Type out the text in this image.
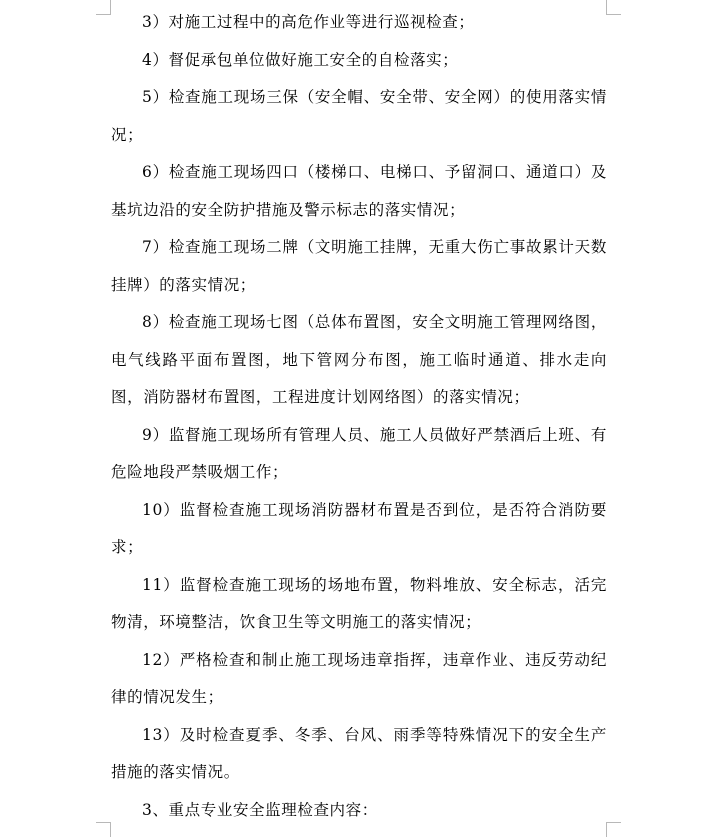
3）对施工过程中的高危作业等进行巡视检查；

4）督促承包单位做好施工安全的自检落实；

5）检查施工现场三保（安全帽、安全带、安全网）的使用落实情况；

6）检查施工现场四口（楼梯口、电梯口、予留洞口、通道口）及基坑边沿的安全防护措施及警示标志的落实情况；

7）检查施工现场二牌（文明施工挂牌，无重大伤亡事故累计天数挂牌）的落实情况；

8）检查施工现场七图（总体布置图，安全文明施工管理网络图，电气线路平面布置图，地下管网分布图，施工临时通道、排水走向图，消防器材布置图，工程进度计划网络图）的落实情况；

9）监督施工现场所有管理人员、施工人员做好严禁酒后上班、有危险地段严禁吸烟工作；

10）监督检查施工现场消防器材布置是否到位，是否符合消防要求；

11）监督检查施工现场的场地布置，物料堆放、安全标志，活完物清，环境整洁，饮食卫生等文明施工的落实情况；

12）严格检查和制止施工现场违章指挥，违章作业、违反劳动纪律的情况发生；

13）及时检查夏季、冬季、台风、雨季等特殊情况下的安全生产措施的落实情况。

3、重点专业安全监理检查内容：
